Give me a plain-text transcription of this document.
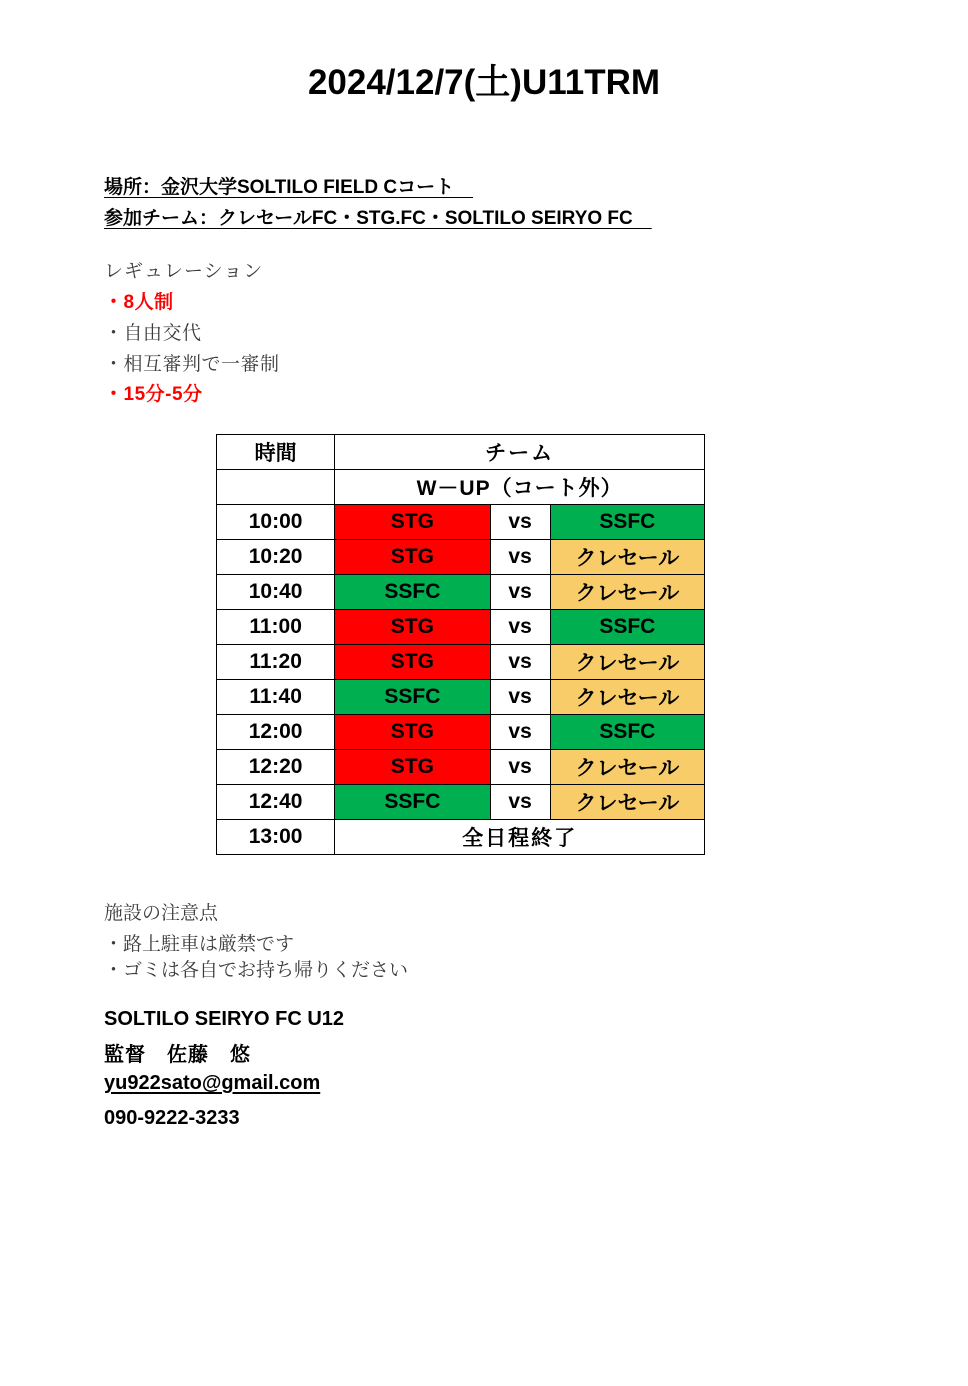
2024/12/7(土)U11TRM
場所：金沢大学SOLTILO FIELD Cコート　
参加チーム：クレセールFC・STG.FC・SOLTILO SEIRYO FC　
レギュレーション
・8人制
・自由交代
・相互審判で一審制
・15分-5分
時間	チーム		
	W－UP（コート外）		
10:00	STG	vs	SSFC
10:20	STG	vs	クレセール
10:40	SSFC	vs	クレセール
11:00	STG	vs	SSFC
11:20	STG	vs	クレセール
11:40	SSFC	vs	クレセール
12:00	STG	vs	SSFC
12:20	STG	vs	クレセール
12:40	SSFC	vs	クレセール
13:00	全日程終了		
施設の注意点
・路上駐車は厳禁です
・ゴミは各自でお持ち帰りください
SOLTILO SEIRYO FC U12
監督　佐藤　悠
yu922sato@gmail.com
090-9222-3233
